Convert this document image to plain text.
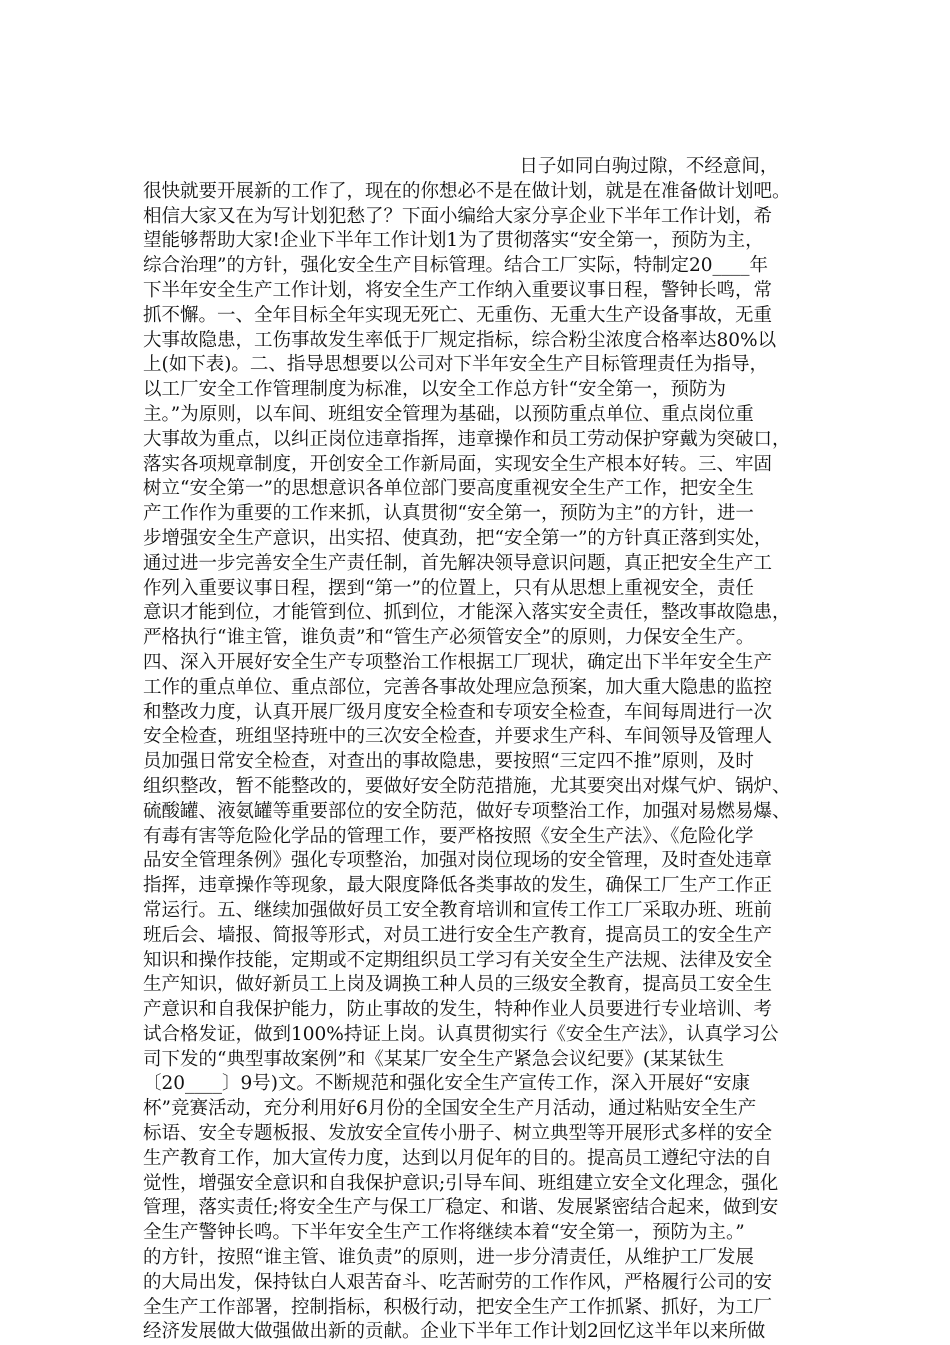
日子如同白驹过隙，不经意间，
很快就要开展新的工作了，现在的你想必不是在做计划，就是在准备做计划吧。
相信大家又在为写计划犯愁了？下面小编给大家分享企业下半年工作计划，希
望能够帮助大家!企业下半年工作计划1为了贯彻落实“安全第一，预防为主，
综合治理”的方针，强化安全生产目标管理。结合工厂实际，特制定20____年
下半年安全生产工作计划，将安全生产工作纳入重要议事日程，警钟长鸣，常
抓不懈。一、全年目标全年实现无死亡、无重伤、无重大生产设备事故，无重
大事故隐患，工伤事故发生率低于厂规定指标，综合粉尘浓度合格率达80%以
上(如下表)。二、指导思想要以公司对下半年安全生产目标管理责任为指导，
以工厂安全工作管理制度为标准，以安全工作总方针“安全第一，预防为
主。”为原则，以车间、班组安全管理为基础，以预防重点单位、重点岗位重
大事故为重点，以纠正岗位违章指挥，违章操作和员工劳动保护穿戴为突破口，
落实各项规章制度，开创安全工作新局面，实现安全生产根本好转。三、牢固
树立“安全第一”的思想意识各单位部门要高度重视安全生产工作，把安全生
产工作作为重要的工作来抓，认真贯彻“安全第一，预防为主”的方针，进一
步增强安全生产意识，出实招、使真劲，把“安全第一”的方针真正落到实处，
通过进一步完善安全生产责任制，首先解决领导意识问题，真正把安全生产工
作列入重要议事日程，摆到“第一”的位置上，只有从思想上重视安全，责任
意识才能到位，才能管到位、抓到位，才能深入落实安全责任，整改事故隐患，
严格执行“谁主管，谁负责”和“管生产必须管安全”的原则，力保安全生产。
四、深入开展好安全生产专项整治工作根据工厂现状，确定出下半年安全生产
工作的重点单位、重点部位，完善各事故处理应急预案，加大重大隐患的监控
和整改力度，认真开展厂级月度安全检查和专项安全检查，车间每周进行一次
安全检查，班组坚持班中的三次安全检查，并要求生产科、车间领导及管理人
员加强日常安全检查，对查出的事故隐患，要按照“三定四不推”原则，及时
组织整改，暂不能整改的，要做好安全防范措施，尤其要突出对煤气炉、锅炉、
硫酸罐、液氨罐等重要部位的安全防范，做好专项整治工作，加强对易燃易爆、
有毒有害等危险化学品的管理工作，要严格按照《安全生产法》、《危险化学
品安全管理条例》强化专项整治，加强对岗位现场的安全管理，及时查处违章
指挥，违章操作等现象，最大限度降低各类事故的发生，确保工厂生产工作正
常运行。五、继续加强做好员工安全教育培训和宣传工作工厂采取办班、班前
班后会、墙报、简报等形式，对员工进行安全生产教育，提高员工的安全生产
知识和操作技能，定期或不定期组织员工学习有关安全生产法规、法律及安全
生产知识，做好新员工上岗及调换工种人员的三级安全教育，提高员工安全生
产意识和自我保护能力，防止事故的发生，特种作业人员要进行专业培训、考
试合格发证，做到100%持证上岗。认真贯彻实行《安全生产法》，认真学习公
司下发的“典型事故案例”和《某某厂安全生产紧急会议纪要》(某某钛生
〔20____〕9号)文。不断规范和强化安全生产宣传工作，深入开展好“安康
杯”竞赛活动，充分利用好6月份的全国安全生产月活动，通过粘贴安全生产
标语、安全专题板报、发放安全宣传小册子、树立典型等开展形式多样的安全
生产教育工作，加大宣传力度，达到以月促年的目的。提高员工遵纪守法的自
觉性，增强安全意识和自我保护意识;引导车间、班组建立安全文化理念，强化
管理，落实责任;将安全生产与保工厂稳定、和谐、发展紧密结合起来，做到安
全生产警钟长鸣。下半年安全生产工作将继续本着“安全第一，预防为主。”
的方针，按照“谁主管、谁负责”的原则，进一步分清责任，从维护工厂发展
的大局出发，保持钛白人艰苦奋斗、吃苦耐劳的工作作风，严格履行公司的安
全生产工作部署，控制指标，积极行动，把安全生产工作抓紧、抓好，为工厂
经济发展做大做强做出新的贡献。企业下半年工作计划2回忆这半年以来所做
